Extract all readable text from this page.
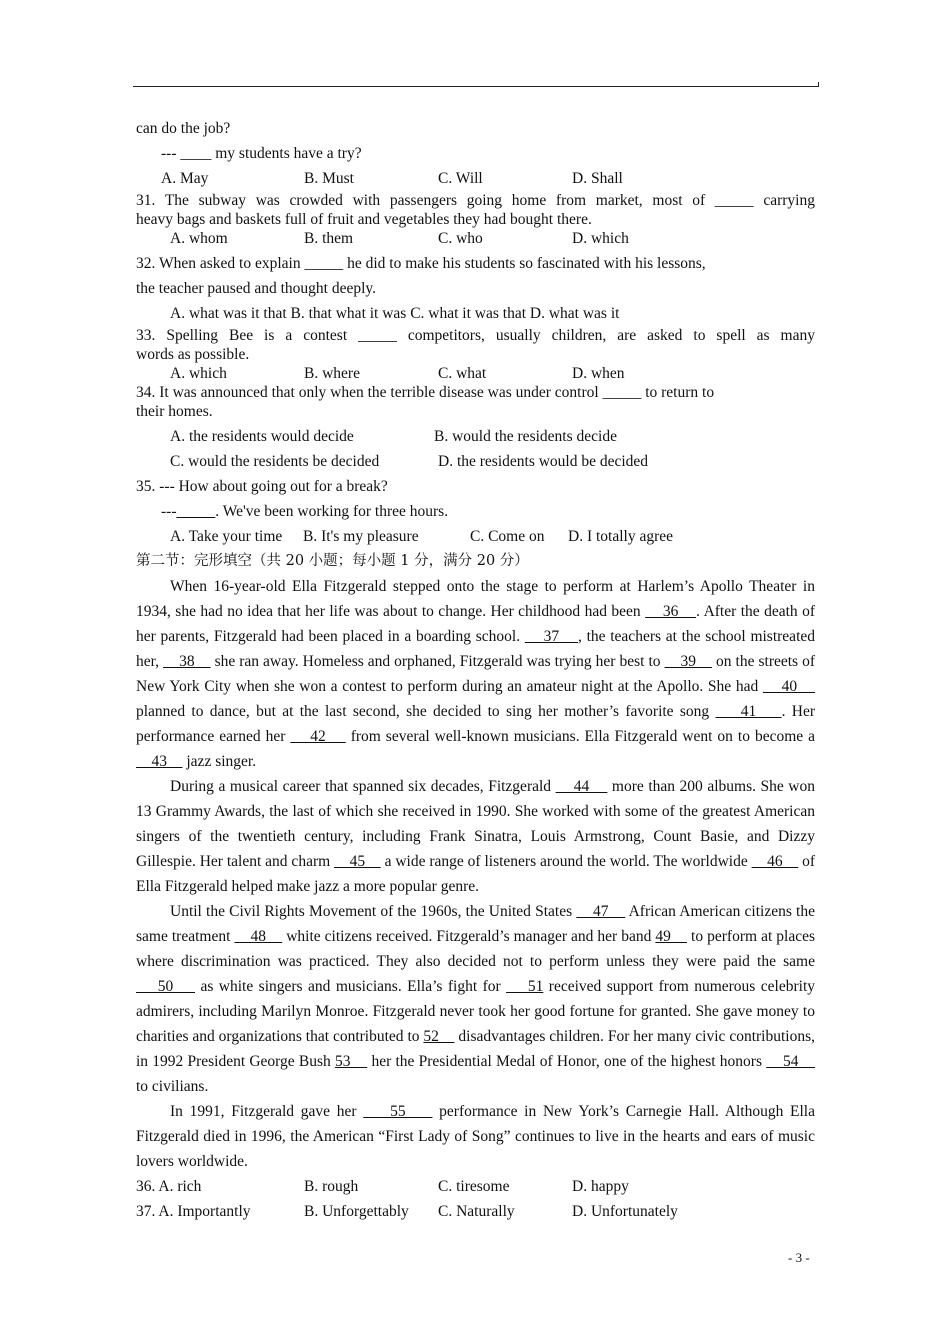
can do the job?
--- ____ my students have a try?
A. May	B. Must	C. Will	D. Shall
31. The subway was crowded with passengers going home from market, most of _____ carrying
heavy bags and baskets full of fruit and vegetables they had bought there.
A. whom	B. them	C. who	D. which
32. When asked to explain _____ he did to make his students so fascinated with his lessons,
the teacher paused and thought deeply.
A. what was it that B. that what it was C. what it was that D. what was it
33. Spelling Bee is a contest _____ competitors, usually children, are asked to spell as many
words as possible.
A. which	B. where	C. what	D. when
34. It was announced that only when the terrible disease was under control _____ to return to
their homes.
A. the residents would decide	B. would the residents decide
C. would the residents be decided	D. the residents would be decided
35. --- How about going out for a break?
---_____. We've been working for three hours.
A. Take your time B. It's my pleasure	C. Come on D. I totally agree
第二节：完形填空（共 20 小题；每小题 1 分，满分 20 分）

When 16-year-old Ella Fitzgerald stepped onto the stage to perform at Harlem’s Apollo Theater in 1934, she had no idea that her life was about to change. Her childhood had been     36    . After the death of her parents, Fitzgerald had been placed in a boarding school.     37    , the teachers at the school mistreated her,     38     she ran away. Homeless and orphaned, Fitzgerald was trying her best to     39     on the streets of New York City when she won a contest to perform during an amateur night at the Apollo. She had     40     planned to dance, but at the last second, she decided to sing her mother’s favorite song     41    . Her performance earned her     42     from several well-known musicians. Ella Fitzgerald went on to become a     43     jazz singer.

During a musical career that spanned six decades, Fitzgerald     44     more than 200 albums. She won 13 Grammy Awards, the last of which she received in 1990. She worked with some of the greatest American singers of the twentieth century, including Frank Sinatra, Louis Armstrong, Count Basie, and Dizzy Gillespie. Her talent and charm     45     a wide range of listeners around the world. The worldwide     46     of Ella Fitzgerald helped make jazz a more popular genre.

Until the Civil Rights Movement of the 1960s, the United States     47     African American citizens the same treatment     48     white citizens received. Fitzgerald’s manager and her band 49     to perform at places where discrimination was practiced. They also decided not to perform unless they were paid the same     50     as white singers and musicians. Ella’s fight for     51 received support from numerous celebrity admirers, including Marilyn Monroe. Fitzgerald never took her good fortune for granted. She gave money to charities and organizations that contributed to 52     disadvantages children. For her many civic contributions, in 1992 President George Bush 53     her the Presidential Medal of Honor, one of the highest honors     54     to civilians.

In 1991, Fitzgerald gave her     55     performance in New York’s Carnegie Hall. Although Ella Fitzgerald died in 1996, the American “First Lady of Song” continues to live in the hearts and ears of music lovers worldwide.

36. A. rich	B. rough	C. tiresome	D. happy
37. A. Importantly	B. Unforgettably C. Naturally	D. Unfortunately
- 3 -
